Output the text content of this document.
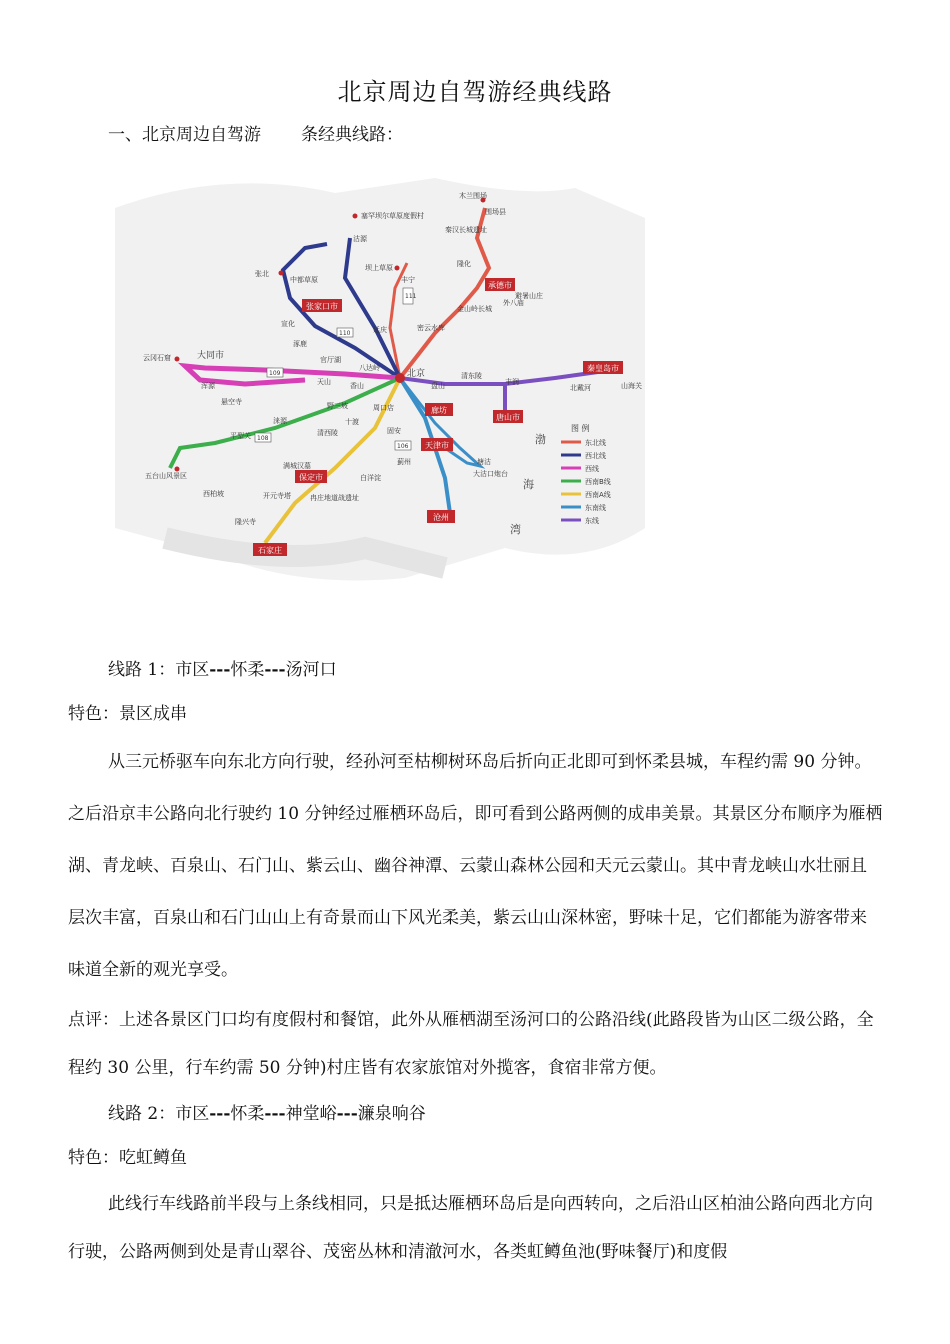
北京周边自驾游经典线路
一、北京周边自驾游 条经典线路：
承德市
张家口市
廊坊
唐山市
秦皇岛市
天津市
保定市
石家庄
沧州
北京
大同市
木兰围场
围场县
塞罕坝尔草原度假村
秦汉长城遗址
沽源
隆化
坝上草原
丰宁
张北
中都草原
金山岭长城
避暑山庄
外八庙
宣化	密云水库
延庆
涿鹿
官厅湖
云冈石窟
浑源	天山
八达岭
清东陵
盘山
悬空寺	野三坡
北戴河	山海关
涞源	十渡
周口店
香山
平型关	清西陵	固安
蓟州
大沽口炮台
五台山风景区
满城汉墓
白洋淀
西柏坡	开元寺塔	冉庄地道战遗址
隆兴寺
丰润
塘沽
111
110
109
108
106
渤
海
湾
图 例
东北线
西北线
西线
西南B线
西南A线
东南线
东线
线路 1：市区---怀柔---汤河口
特色：景区成串
从三元桥驱车向东北方向行驶，经孙河至枯柳树环岛后折向正北即可到怀柔县城，车程约需 90 分钟。之后沿京丰公路向北行驶约 10 分钟经过雁栖环岛后，即可看到公路两侧的成串美景。其景区分布顺序为雁栖湖、青龙峡、百泉山、石门山、紫云山、幽谷神潭、云蒙山森林公园和天元云蒙山。其中青龙峡山水壮丽且层次丰富，百泉山和石门山山上有奇景而山下风光柔美，紫云山山深林密，野味十足，它们都能为游客带来味道全新的观光享受。
点评：上述各景区门口均有度假村和餐馆，此外从雁栖湖至汤河口的公路沿线(此路段皆为山区二级公路，全程约 30 公里，行车约需 50 分钟)村庄皆有农家旅馆对外揽客，食宿非常方便。
线路 2：市区---怀柔---神堂峪---濂泉响谷
特色：吃虹鳟鱼
此线行车线路前半段与上条线相同，只是抵达雁栖环岛后是向西转向，之后沿山区柏油公路向西北方向行驶，公路两侧到处是青山翠谷、茂密丛林和清澈河水，各类虹鳟鱼池(野味餐厅)和度假
